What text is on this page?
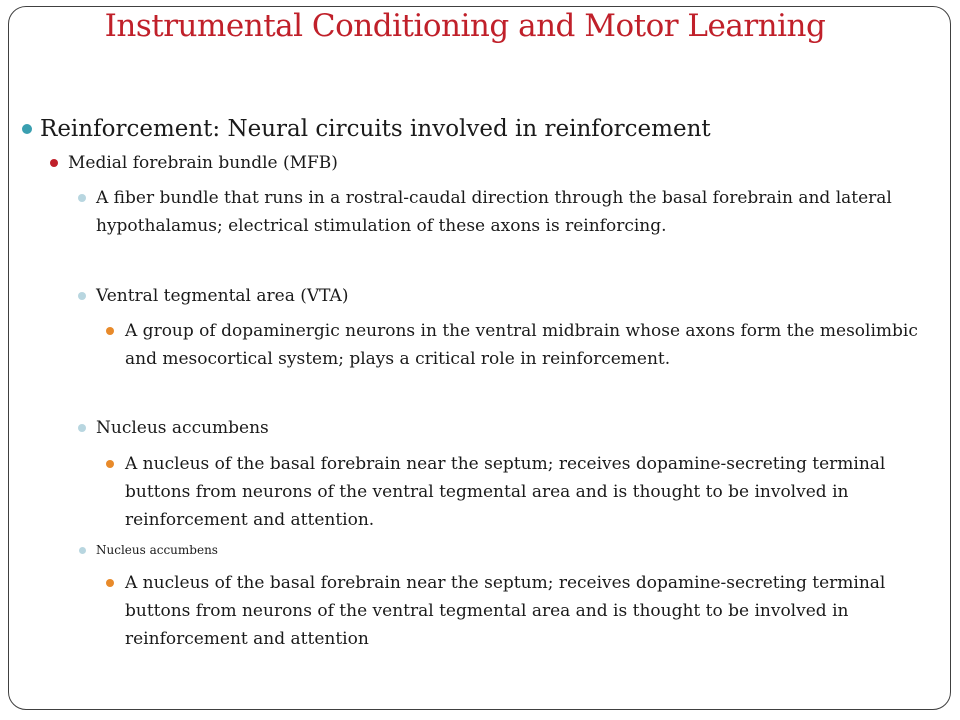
Instrumental Conditioning and Motor Learning
Reinforcement: Neural circuits involved in reinforcement
Medial forebrain bundle (MFB)
A fiber bundle that runs in a rostral-caudal direction through the basal forebrain and lateral hypothalamus; electrical stimulation of these axons is reinforcing.
Ventral tegmental area (VTA)
A group of dopaminergic neurons in the ventral midbrain whose axons form the mesolimbic and mesocortical system; plays a critical role in reinforcement.
Nucleus accumbens
A nucleus of the basal forebrain near the septum; receives dopamine-secreting terminal buttons from neurons of the ventral tegmental area and is thought to be involved in reinforcement and attention.
Nucleus accumbens
A nucleus of the basal forebrain near the septum; receives dopamine-secreting terminal buttons from neurons of the ventral tegmental area and is thought to be involved in reinforcement and attention
